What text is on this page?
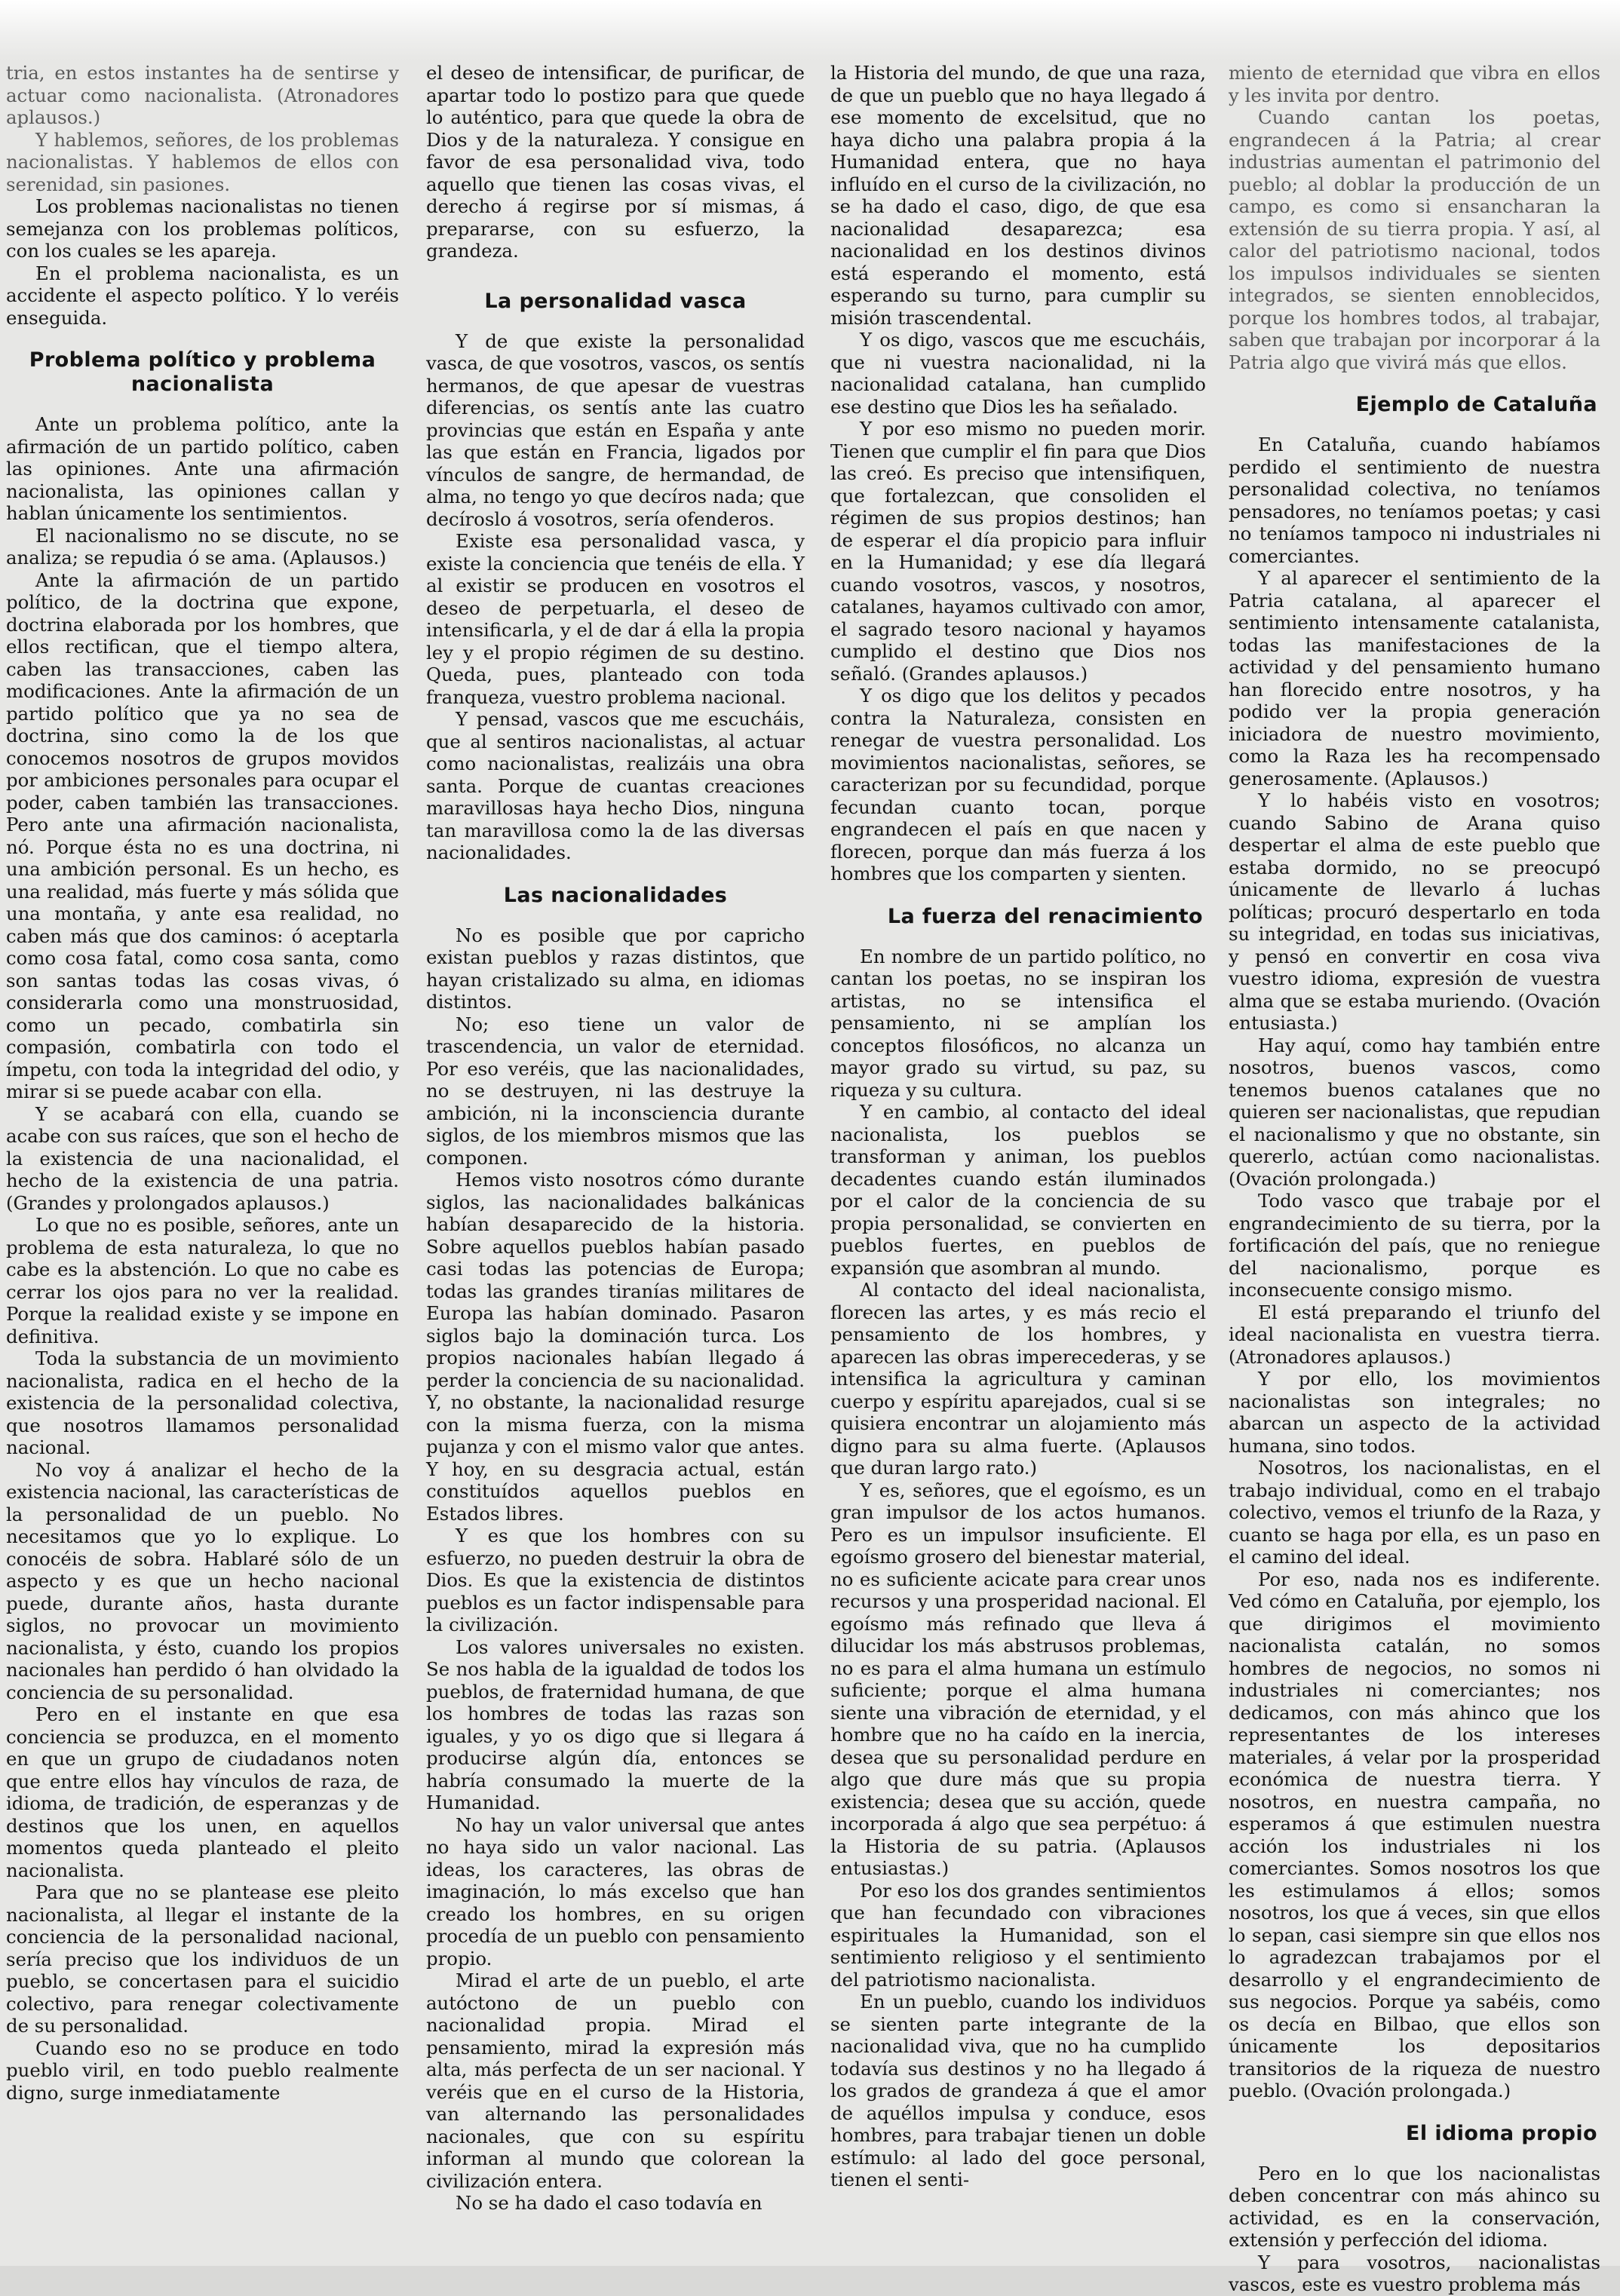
tria, en estos instantes ha de sentirse y actuar como nacionalista. (Atronadores aplausos.)

Y hablemos, señores, de los problemas nacionalistas. Y hablemos de ellos con serenidad, sin pasiones.

Los problemas nacionalistas no tienen semejanza con los problemas políticos, con los cuales se les apareja.

En el problema nacionalista, es un accidente el aspecto político. Y lo veréis enseguida.

Problema político y problema nacionalista

Ante un problema político, ante la afirmación de un partido político, caben las opiniones. Ante una afirmación nacionalista, las opiniones callan y hablan únicamente los sentimientos.

El nacionalismo no se discute, no se analiza; se repudia ó se ama. (Aplausos.)

Ante la afirmación de un partido político, de la doctrina que expone, doctrina elaborada por los hombres, que ellos rectifican, que el tiempo altera, caben las transacciones, caben las modificaciones. Ante la afirmación de un partido político que ya no sea de doctrina, sino como la de los que conocemos nosotros de grupos movidos por ambiciones personales para ocupar el poder, caben también las transacciones. Pero ante una afirmación nacionalista, nó. Porque ésta no es una doctrina, ni una ambición personal. Es un hecho, es una realidad, más fuerte y más sólida que una montaña, y ante esa realidad, no caben más que dos caminos: ó aceptarla como cosa fatal, como cosa santa, como son santas todas las cosas vivas, ó considerarla como una monstruosidad, como un pecado, combatirla sin compasión, combatirla con todo el ímpetu, con toda la integridad del odio, y mirar si se puede acabar con ella.

Y se acabará con ella, cuando se acabe con sus raíces, que son el hecho de la existencia de una nacionalidad, el hecho de la existencia de una patria. (Grandes y prolongados aplausos.)

Lo que no es posible, señores, ante un problema de esta naturaleza, lo que no cabe es la abstención. Lo que no cabe es cerrar los ojos para no ver la realidad. Porque la realidad existe y se impone en definitiva.

Toda la substancia de un movimiento nacionalista, radica en el hecho de la existencia de la personalidad colectiva, que nosotros llamamos personalidad nacional.

No voy á analizar el hecho de la existencia nacional, las características de la personalidad de un pueblo. No necesitamos que yo lo explique. Lo conocéis de sobra. Hablaré sólo de un aspecto y es que un hecho nacional puede, durante años, hasta durante siglos, no provocar un movimiento nacionalista, y ésto, cuando los propios nacionales han perdido ó han olvidado la conciencia de su personalidad.

Pero en el instante en que esa conciencia se produzca, en el momento en que un grupo de ciudadanos noten que entre ellos hay vínculos de raza, de idioma, de tradición, de esperanzas y de destinos que los unen, en aquellos momentos queda planteado el pleito nacionalista.

Para que no se plantease ese pleito nacionalista, al llegar el instante de la conciencia de la personalidad nacional, sería preciso que los individuos de un pueblo, se concertasen para el suicidio colectivo, para renegar colectivamente de su personalidad.

Cuando eso no se produce en todo pueblo viril, en todo pueblo realmente digno, surge inmediatamente

el deseo de intensificar, de purificar, de apartar todo lo postizo para que quede lo auténtico, para que quede la obra de Dios y de la naturaleza. Y consigue en favor de esa personalidad viva, todo aquello que tienen las cosas vivas, el derecho á regirse por sí mismas, á prepararse, con su esfuerzo, la grandeza.

La personalidad vasca

Y de que existe la personalidad vasca, de que vosotros, vascos, os sentís hermanos, de que apesar de vuestras diferencias, os sentís ante las cuatro provincias que están en España y ante las que están en Francia, ligados por vínculos de sangre, de hermandad, de alma, no tengo yo que decíros nada; que decíroslo á vosotros, sería ofenderos.

Existe esa personalidad vasca, y existe la conciencia que tenéis de ella. Y al existir se producen en vosotros el deseo de perpetuarla, el deseo de intensificarla, y el de dar á ella la propia ley y el propio régimen de su destino. Queda, pues, planteado con toda franqueza, vuestro problema nacional.

Y pensad, vascos que me escucháis, que al sentiros nacionalistas, al actuar como nacionalistas, realizáis una obra santa. Porque de cuantas creaciones maravillosas haya hecho Dios, ninguna tan maravillosa como la de las diversas nacionalidades.

Las nacionalidades

No es posible que por capricho existan pueblos y razas distintos, que hayan cristalizado su alma, en idiomas distintos.

No; eso tiene un valor de trascendencia, un valor de eternidad. Por eso veréis, que las nacionalidades, no se destruyen, ni las destruye la ambición, ni la inconsciencia durante siglos, de los miembros mismos que las componen.

Hemos visto nosotros cómo durante siglos, las nacionalidades balkánicas habían desaparecido de la historia. Sobre aquellos pueblos habían pasado casi todas las potencias de Europa; todas las grandes tiranías militares de Europa las habían dominado. Pasaron siglos bajo la dominación turca. Los propios nacionales habían llegado á perder la conciencia de su nacionalidad. Y, no obstante, la nacionalidad resurge con la misma fuerza, con la misma pujanza y con el mismo valor que antes. Y hoy, en su desgracia actual, están constituídos aquellos pueblos en Estados libres.

Y es que los hombres con su esfuerzo, no pueden destruir la obra de Dios. Es que la existencia de distintos pueblos es un factor indispensable para la civilización.

Los valores universales no existen. Se nos habla de la igualdad de todos los pueblos, de fraternidad humana, de que los hombres de todas las razas son iguales, y yo os digo que si llegara á producirse algún día, entonces se habría consumado la muerte de la Humanidad.

No hay un valor universal que antes no haya sido un valor nacional. Las ideas, los caracteres, las obras de imaginación, lo más excelso que han creado los hombres, en su origen procedía de un pueblo con pensamiento propio.

Mirad el arte de un pueblo, el arte autóctono de un pueblo con nacionalidad propia. Mirad el pensamiento, mirad la expresión más alta, más perfecta de un ser nacional. Y veréis que en el curso de la Historia, van alternando las personalidades nacionales, que con su espíritu informan al mundo que colorean la civilización entera.

No se ha dado el caso todavía en

la Historia del mundo, de que una raza, de que un pueblo que no haya llegado á ese momento de excelsitud, que no haya dicho una palabra propia á la Humanidad entera, que no haya influído en el curso de la civilización, no se ha dado el caso, digo, de que esa nacionalidad desaparezca; esa nacionalidad en los destinos divinos está esperando el momento, está esperando su turno, para cumplir su misión trascendental.

Y os digo, vascos que me escucháis, que ni vuestra nacionalidad, ni la nacionalidad catalana, han cumplido ese destino que Dios les ha señalado.

Y por eso mismo no pueden morir. Tienen que cumplir el fin para que Dios las creó. Es preciso que intensifiquen, que fortalezcan, que consoliden el régimen de sus propios destinos; han de esperar el día propicio para influir en la Humanidad; y ese día llegará cuando vosotros, vascos, y nosotros, catalanes, hayamos cultivado con amor, el sagrado tesoro nacional y hayamos cumplido el destino que Dios nos señaló. (Grandes aplausos.)

Y os digo que los delitos y pecados contra la Naturaleza, consisten en renegar de vuestra personalidad. Los movimientos nacionalistas, señores, se caracterizan por su fecundidad, porque fecundan cuanto tocan, porque engrandecen el país en que nacen y florecen, porque dan más fuerza á los hombres que los comparten y sienten.

La fuerza del renacimiento

En nombre de un partido político, no cantan los poetas, no se inspiran los artistas, no se intensifica el pensamiento, ni se amplían los conceptos filosóficos, no alcanza un mayor grado su virtud, su paz, su riqueza y su cultura.

Y en cambio, al contacto del ideal nacionalista, los pueblos se transforman y animan, los pueblos decadentes cuando están iluminados por el calor de la conciencia de su propia personalidad, se convierten en pueblos fuertes, en pueblos de expansión que asombran al mundo.

Al contacto del ideal nacionalista, florecen las artes, y es más recio el pensamiento de los hombres, y aparecen las obras imperecederas, y se intensifica la agricultura y caminan cuerpo y espíritu aparejados, cual si se quisiera encontrar un alojamiento más digno para su alma fuerte. (Aplausos que duran largo rato.)

Y es, señores, que el egoísmo, es un gran impulsor de los actos humanos. Pero es un impulsor insuficiente. El egoísmo grosero del bienestar material, no es suficiente acicate para crear unos recursos y una prosperidad nacional. El egoísmo más refinado que lleva á dilucidar los más abstrusos problemas, no es para el alma humana un estímulo suficiente; porque el alma humana siente una vibración de eternidad, y el hombre que no ha caído en la inercia, desea que su personalidad perdure en algo que dure más que su propia existencia; desea que su acción, quede incorporada á algo que sea perpétuo: á la Historia de su patria. (Aplausos entusiastas.)

Por eso los dos grandes sentimientos que han fecundado con vibraciones espirituales la Humanidad, son el sentimiento religioso y el sentimiento del patriotismo nacionalista.

En un pueblo, cuando los individuos se sienten parte integrante de la nacionalidad viva, que no ha cumplido todavía sus destinos y no ha llegado á los grados de grandeza á que el amor de aquéllos impulsa y conduce, esos hombres, para trabajar tienen un doble estímulo: al lado del goce personal, tienen el senti-

miento de eternidad que vibra en ellos y les invita por dentro.

Cuando cantan los poetas, engrandecen á la Patria; al crear industrias aumentan el patrimonio del pueblo; al doblar la producción de un campo, es como si ensancharan la extensión de su tierra propia. Y así, al calor del patriotismo nacional, todos los impulsos individuales se sienten integrados, se sienten ennoblecidos, porque los hombres todos, al trabajar, saben que trabajan por incorporar á la Patria algo que vivirá más que ellos.

Ejemplo de Cataluña

En Cataluña, cuando habíamos perdido el sentimiento de nuestra personalidad colectiva, no teníamos pensadores, no teníamos poetas; y casi no teníamos tampoco ni industriales ni comerciantes.

Y al aparecer el sentimiento de la Patria catalana, al aparecer el sentimiento intensamente catalanista, todas las manifestaciones de la actividad y del pensamiento humano han florecido entre nosotros, y ha podido ver la propia generación iniciadora de nuestro movimiento, como la Raza les ha recompensado generosamente. (Aplausos.)

Y lo habéis visto en vosotros; cuando Sabino de Arana quiso despertar el alma de este pueblo que estaba dormido, no se preocupó únicamente de llevarlo á luchas políticas; procuró despertarlo en toda su integridad, en todas sus iniciativas, y pensó en convertir en cosa viva vuestro idioma, expresión de vuestra alma que se estaba muriendo. (Ovación entusiasta.)

Hay aquí, como hay también entre nosotros, buenos vascos, como tenemos buenos catalanes que no quieren ser nacionalistas, que repudian el nacionalismo y que no obstante, sin quererlo, actúan como nacionalistas. (Ovación prolongada.)

Todo vasco que trabaje por el engrandecimiento de su tierra, por la fortificación del país, que no reniegue del nacionalismo, porque es inconsecuente consigo mismo.

El está preparando el triunfo del ideal nacionalista en vuestra tierra. (Atronadores aplausos.)

Y por ello, los movimientos nacionalistas son integrales; no abarcan un aspecto de la actividad humana, sino todos.

Nosotros, los nacionalistas, en el trabajo individual, como en el trabajo colectivo, vemos el triunfo de la Raza, y cuanto se haga por ella, es un paso en el camino del ideal.

Por eso, nada nos es indiferente. Ved cómo en Cataluña, por ejemplo, los que dirigimos el movimiento nacionalista catalán, no somos hombres de negocios, no somos ni industriales ni comerciantes; nos dedicamos, con más ahinco que los representantes de los intereses materiales, á velar por la prosperidad económica de nuestra tierra. Y nosotros, en nuestra campaña, no esperamos á que estimulen nuestra acción los industriales ni los comerciantes. Somos nosotros los que les estimulamos á ellos; somos nosotros, los que á veces, sin que ellos lo sepan, casi siempre sin que ellos nos lo agradezcan trabajamos por el desarrollo y el engrandecimiento de sus negocios. Porque ya sabéis, como os decía en Bilbao, que ellos son únicamente los depositarios transitorios de la riqueza de nuestro pueblo. (Ovación prolongada.)

El idioma propio

Pero en lo que los nacionalistas deben concentrar con más ahinco su actividad, es en la conservación, extensión y perfección del idioma.

Y para vosotros, nacionalistas vascos, este es vuestro problema más
